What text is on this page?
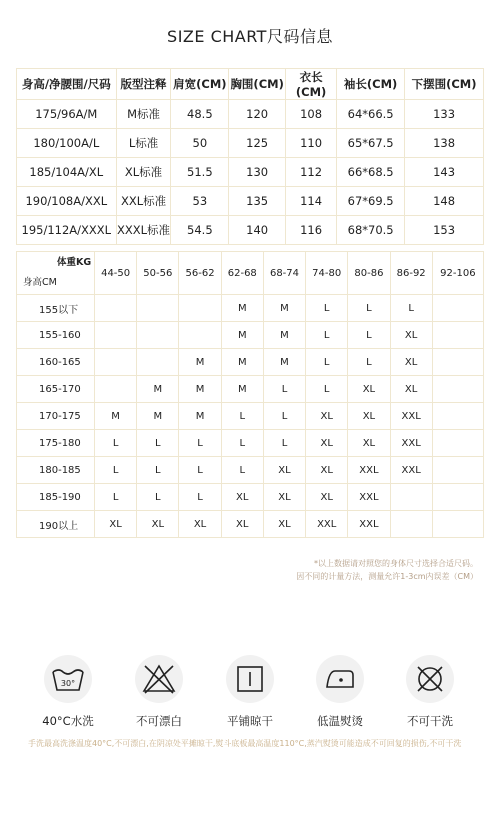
SIZE CHART尺码信息
身高/净腰围/尺码	版型注释	肩宽(CM)	胸围(CM)	衣长(CM)	袖长(CM)	下摆围(CM)
175/96A/M	M标准	48.5	120	108	64*66.5	133
180/100A/L	L标准	50	125	110	65*67.5	138
185/104A/XL	XL标准	51.5	130	112	66*68.5	143
190/108A/XXL	XXL标准	53	135	114	67*69.5	148
195/112A/XXXL	XXXL标准	54.5	140	116	68*70.5	153
体重KG
身高CM	44-50	50-56	56-62	62-68	68-74	74-80	80-86	86-92	92-106
155以下				M	M	L	L	L	
155-160				M	M	L	L	XL	
160-165			M	M	M	L	L	XL	
165-170		M	M	M	L	L	XL	XL	
170-175	M	M	M	L	L	XL	XL	XXL	
175-180	L	L	L	L	L	XL	XL	XXL	
180-185	L	L	L	L	XL	XL	XXL	XXL	
185-190	L	L	L	XL	XL	XL	XXL		
190以上	XL	XL	XL	XL	XL	XXL	XXL		
*以上数据请对照您的身体尺寸选择合适尺码。
因不同的计量方法，测量允许1-3cm内误差（CM）
30°
40°C水洗	不可漂白	平铺晾干	低温熨烫	不可干洗
手洗最高洗涤温度40°C,不可漂白,在阴凉处平摊晾干,熨斗底板最高温度110°C,蒸汽熨烫可能造成不可回复的损伤,不可干洗
